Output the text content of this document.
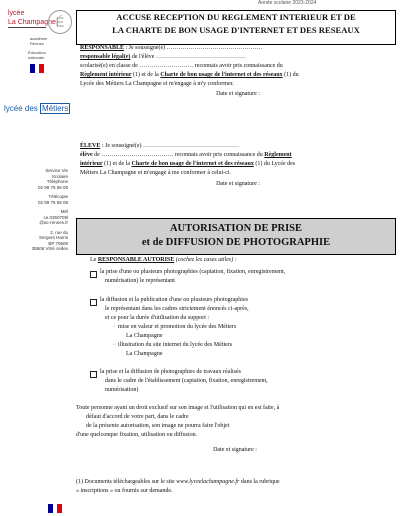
Année scolaire 2023-2024
lycée
La Champagne É
académie
Rennes
Éducation
nationale
lycée des Métiers
ACCUSE RECEPTION DU REGLEMENT INTERIEUR ET DE
LA CHARTE DE BON USAGE D'INTERNET ET DES RESEAUX
RESPONSABLE : Je soussigné(e) …………………………………………
responsable légal(e) de l'élève ………………………………………
scolarisé(e) en classe de ……………………… reconnais avoir pris connaissance du
Règlement intérieur (1) et de la Charte de bon usage de l'internet et des réseaux (1) du
Lycée des Métiers La Champagne et m'engage à m'y conformer.
Date et signature :
ÉLEVE : Je soussigné(e) …………………………………………
élève de ……………………………… reconnais avoir pris connaissance du Règlement
intérieur (1) et de la Charte de bon usage de l'internet et des réseaux (1) du Lycée des
Métiers La Champagne et m'engage à me conformer à celui-ci.
Date et signature :
Service Vie Scolaire
Téléphone
02 99 75 58 06
Télécopie
02 99 75 58 08
Mél
ce.0350709l
@ac-rennes.fr
2, rue du
Sergent Harris
BP 70609
35506 Vitré cedex
AUTORISATION DE PRISE
et de DIFFUSION DE PHOTOGRAPHIE
Le RESPONSABLE AUTORISE (cochez les cases utiles) :
la prise d'une ou plusieurs photographies (captation, fixation, enregistrement,
numérisation) le représentant
la diffusion et la publication d'une ou plusieurs photographies
le représentant dans les cadres strictement énoncés ci-après,
et ce pour la durée d'utilisation du support :
· mise en valeur et promotion du lycée des Métiers
La Champagne
· illustration du site internet du lycée des Métiers
La Champagne
la prise et la diffusion de photographies de travaux réalisés
dans le cadre de l'établissement (captation, fixation, enregistrement,
numérisation)
Toute personne ayant un droit exclusif sur son image et l'utilisation qui en est faite, à
défaut d'accord de votre part, dans le cadre
de la présente autorisation, son image ne pourra faire l'objet
d'une quelconque fixation, utilisation ou diffusion.
Date et signature :
(1) Documents téléchargeables sur le site www.lyceelachampagne.fr dans la rubrique
« inscriptions » ou fournis sur demande.
